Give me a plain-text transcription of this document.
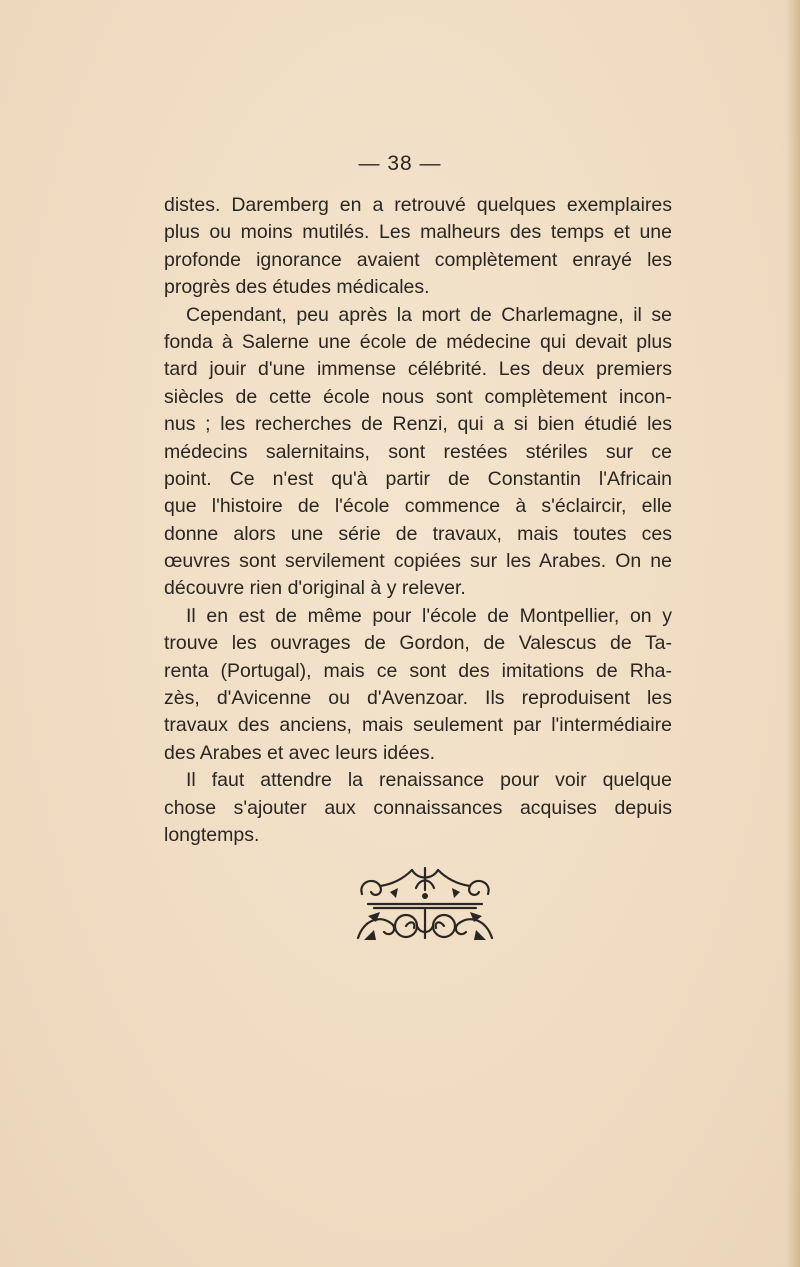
— 38 —
distes. Daremberg en a retrouvé quelques exemplaires
plus ou moins mutilés. Les malheurs des temps et une
profonde ignorance avaient complètement enrayé les
progrès des études médicales.
Cependant, peu après la mort de Charlemagne, il se
fonda à Salerne une école de médecine qui devait plus
tard jouir d'une immense célébrité. Les deux premiers
siècles de cette école nous sont complètement incon-
nus ; les recherches de Renzi, qui a si bien étudié les
médecins salernitains, sont restées stériles sur ce
point. Ce n'est qu'à partir de Constantin l'Africain
que l'histoire de l'école commence à s'éclaircir, elle
donne alors une série de travaux, mais toutes ces
œuvres sont servilement copiées sur les Arabes. On ne
découvre rien d'original à y relever.
Il en est de même pour l'école de Montpellier, on y
trouve les ouvrages de Gordon, de Valescus de Ta-
renta (Portugal), mais ce sont des imitations de Rha-
zès, d'Avicenne ou d'Avenzoar. Ils reproduisent les
travaux des anciens, mais seulement par l'intermédiaire
des Arabes et avec leurs idées.
Il faut attendre la renaissance pour voir quelque
chose s'ajouter aux connaissances acquises depuis
longtemps.
